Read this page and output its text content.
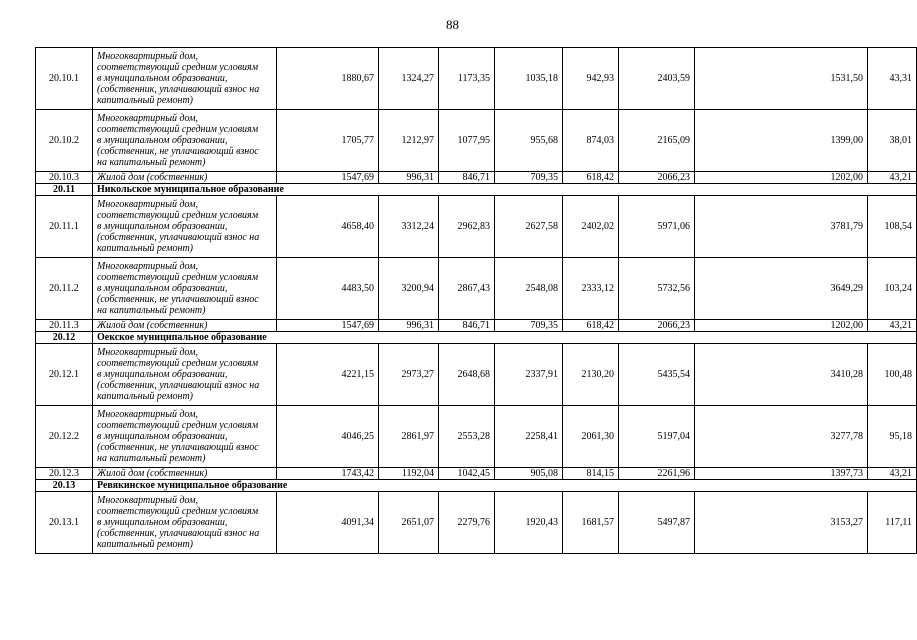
88
20.10.1	Многоквартирный дом,
соответствующий средним условиям
в муниципальном образовании,
(собственник, уплачивающий взнос на
капитальный ремонт)	1880,67	1324,27	1173,35	1035,18	942,93	2403,59	1531,50	43,31
20.10.2	Многоквартирный дом,
соответствующий средним условиям
в муниципальном образовании,
(собственник, не уплачивающий взнос
на капитальный ремонт)	1705,77	1212,97	1077,95	955,68	874,03	2165,09	1399,00	38,01
20.10.3	Жилой дом (собственник)	1547,69	996,31	846,71	709,35	618,42	2066,23	1202,00	43,21
20.11	Никольское муниципальное образование								
20.11.1	Многоквартирный дом,
соответствующий средним условиям
в муниципальном образовании,
(собственник, уплачивающий взнос на
капитальный ремонт)	4658,40	3312,24	2962,83	2627,58	2402,02	5971,06	3781,79	108,54
20.11.2	Многоквартирный дом,
соответствующий средним условиям
в муниципальном образовании,
(собственник, не уплачивающий взнос
на капитальный ремонт)	4483,50	3200,94	2867,43	2548,08	2333,12	5732,56	3649,29	103,24
20.11.3	Жилой дом (собственник)	1547,69	996,31	846,71	709,35	618,42	2066,23	1202,00	43,21
20.12	Оекское муниципальное образование								
20.12.1	Многоквартирный дом,
соответствующий средним условиям
в муниципальном образовании,
(собственник, уплачивающий взнос на
капитальный ремонт)	4221,15	2973,27	2648,68	2337,91	2130,20	5435,54	3410,28	100,48
20.12.2	Многоквартирный дом,
соответствующий средним условиям
в муниципальном образовании,
(собственник, не уплачивающий взнос
на капитальный ремонт)	4046,25	2861,97	2553,28	2258,41	2061,30	5197,04	3277,78	95,18
20.12.3	Жилой дом (собственник)	1743,42	1192,04	1042,45	905,08	814,15	2261,96	1397,73	43,21
20.13	Ревякинское муниципальное образование								
20.13.1	Многоквартирный дом,
соответствующий средним условиям
в муниципальном образовании,
(собственник, уплачивающий взнос на
капитальный ремонт)	4091,34	2651,07	2279,76	1920,43	1681,57	5497,87	3153,27	117,11
